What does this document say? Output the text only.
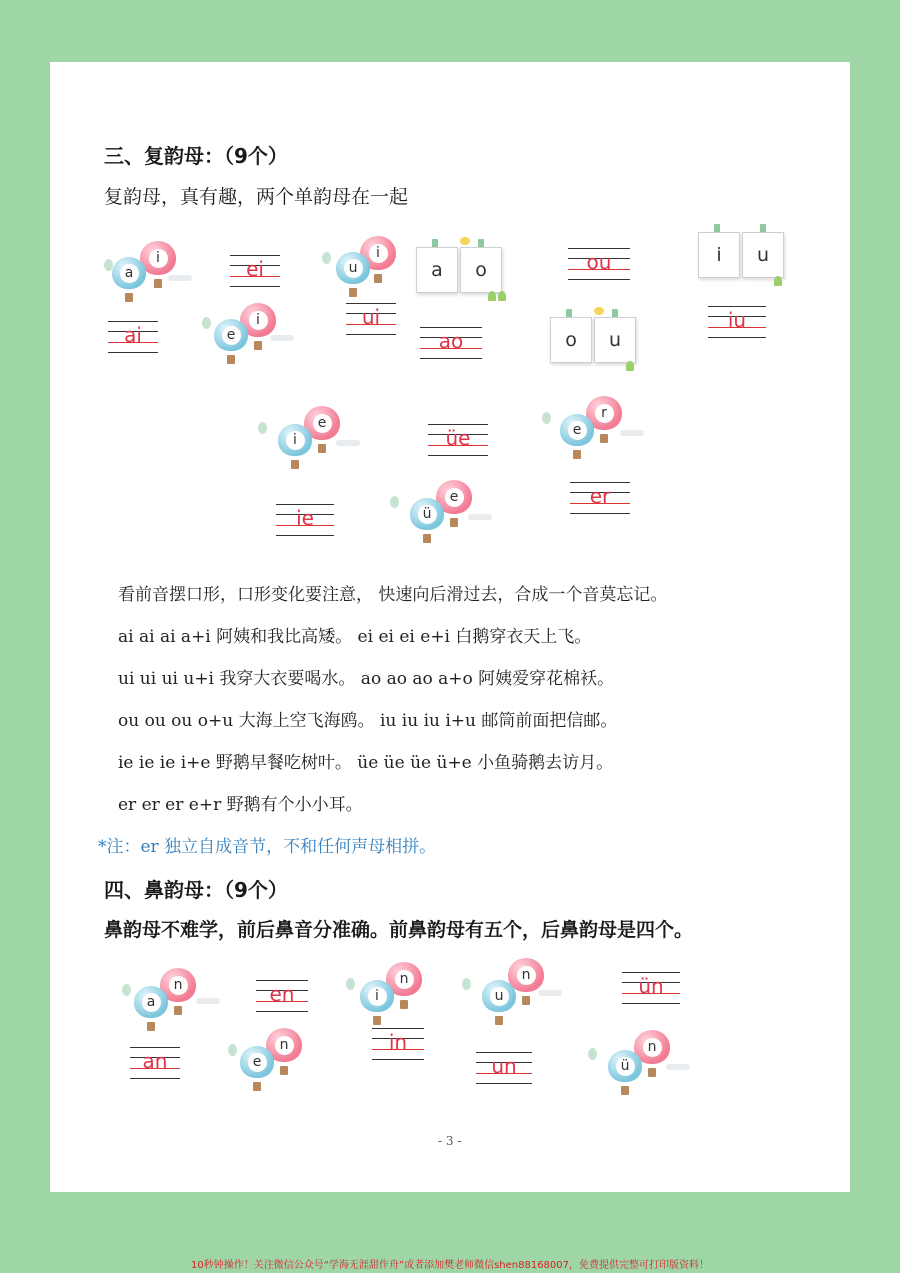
三、复韵母：（9个）
复韵母，真有趣，两个单韵母在一起
i
a
i
e
i
u	a	o
o	u
i	u
ai
ei
ui
ao
ou
iu
e
i
e
ü
r
e
ie
üe
er
看前音摆口形，口形变化要注意， 快速向后滑过去，合成一个音莫忘记。
ai ai ai a+i 阿姨和我比高矮。 ei ei ei e+i 白鹅穿衣天上飞。
ui ui ui u+i 我穿大衣要喝水。 ao ao ao a+o 阿姨爱穿花棉袄。
ou ou ou o+u 大海上空飞海鸥。 iu iu iu i+u 邮筒前面把信邮。
ie ie ie i+e 野鹅早餐吃树叶。 üe üe üe ü+e 小鱼骑鹅去访月。
er er er e+r 野鹅有个小小耳。
*注：er 独立自成音节，不和任何声母相拼。
四、鼻韵母：（9个）
鼻韵母不难学，前后鼻音分准确。前鼻韵母有五个，后鼻韵母是四个。
n
a
n
e
n
i
n
u
n
ü
an
en
in
un
ün
- 3 -
10秒钟操作！关注微信公众号“学海无涯甜作舟”或者添加樊老师微信shen88168007，免费提供完整可打印版资料！
